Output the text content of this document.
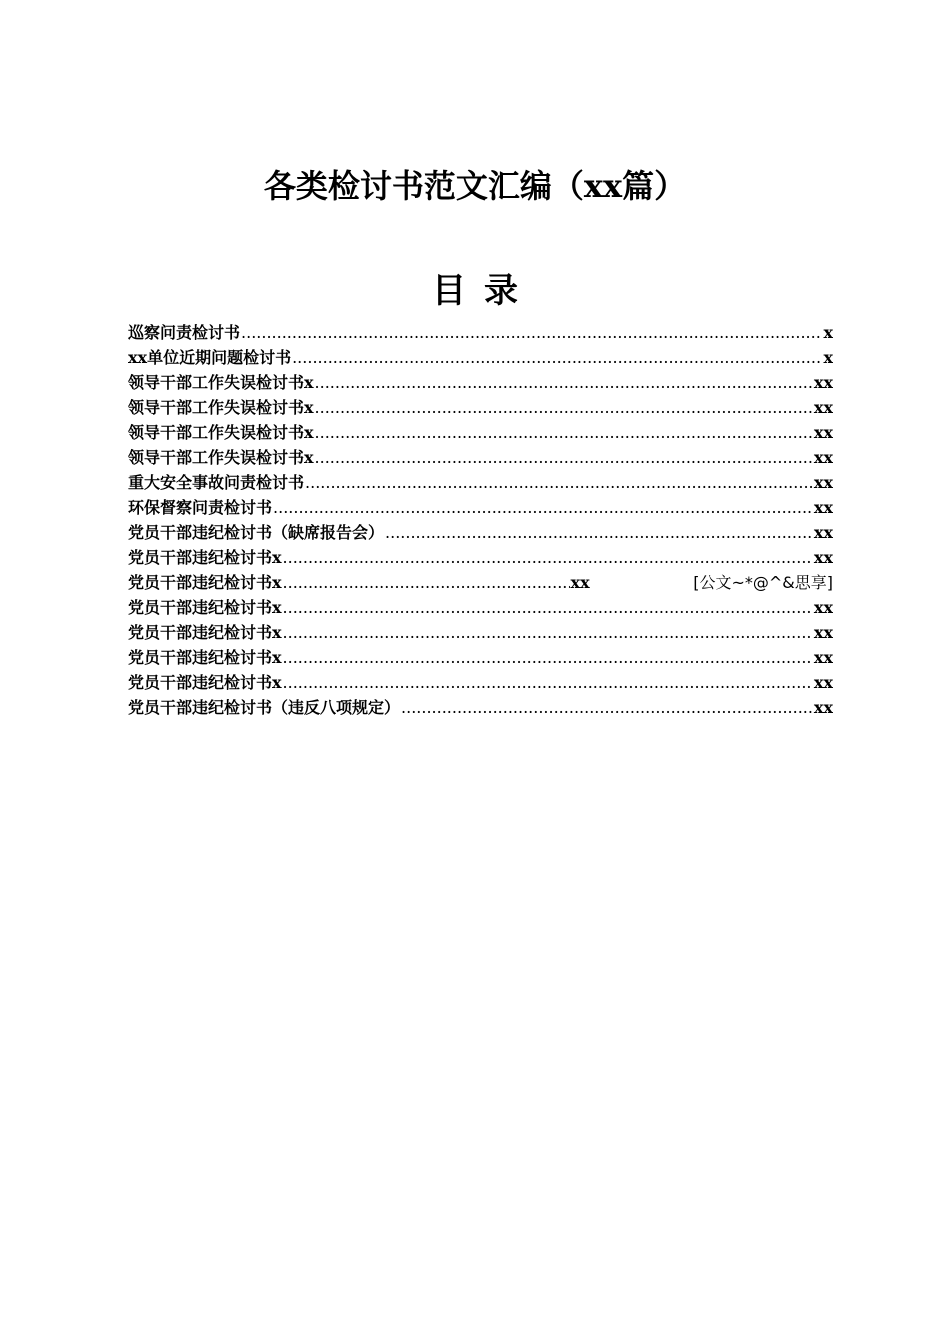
各类检讨书范文汇编（xx篇）
目录
巡察问责检讨书 .....	x
xx单位近期问题检讨书 .....	x
领导干部工作失误检讨书x .....	xx
领导干部工作失误检讨书x .....	xx
领导干部工作失误检讨书x .....	xx
领导干部工作失误检讨书x .....	xx
重大安全事故问责检讨书 .....	xx
环保督察问责检讨书 .....	xx
党员干部违纪检讨书（缺席报告会） .....	xx
党员干部违纪检讨书x .....	xx
党员干部违纪检讨书x .....	xx	[公文~*@^&思享]
党员干部违纪检讨书x .....	xx
党员干部违纪检讨书x .....	xx
党员干部违纪检讨书x .....	xx
党员干部违纪检讨书x .....	xx
党员干部违纪检讨书（违反八项规定） .....	xx
